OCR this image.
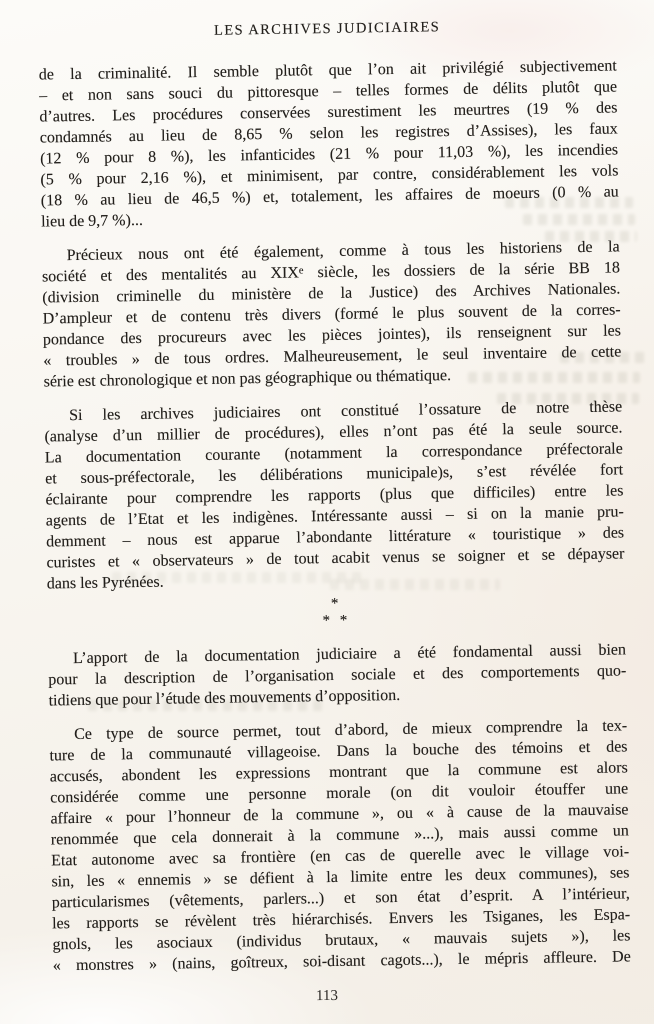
LES ARCHIVES JUDICIAIRES
de la criminalité. Il semble plutôt que l’on ait privilégié subjectivement
– et non sans souci du pittoresque – telles formes de délits plutôt que
d’autres. Les procédures conservées surestiment les meurtres (19 % des
condamnés au lieu de 8,65 % selon les registres d’Assises), les faux
(12 % pour 8 %), les infanticides (21 % pour 11,03 %), les incendies
(5 % pour 2,16 %), et minimisent, par contre, considérablement les vols
(18 % au lieu de 46,5 %) et, totalement, les affaires de moeurs (0 % au
lieu de 9,7 %)...
Précieux nous ont été également, comme à tous les historiens de la
société et des mentalités au XIXe siècle, les dossiers de la série BB 18
(division criminelle du ministère de la Justice) des Archives Nationales.
D’ampleur et de contenu très divers (formé le plus souvent de la corres-
pondance des procureurs avec les pièces jointes), ils renseignent sur les
« troubles » de tous ordres. Malheureusement, le seul inventaire de cette
série est chronologique et non pas géographique ou thématique.
Si les archives judiciaires ont constitué l’ossature de notre thèse
(analyse d’un millier de procédures), elles n’ont pas été la seule source.
La documentation courante (notamment la correspondance préfectorale
et sous-préfectorale, les délibérations municipale)s, s’est révélée fort
éclairante pour comprendre les rapports (plus que difficiles) entre les
agents de l’Etat et les indigènes. Intéressante aussi – si on la manie pru-
demment – nous est apparue l’abondante littérature « touristique » des
curistes et « observateurs » de tout acabit venus se soigner et se dépayser
dans les Pyrénées.
*
* *
L’apport de la documentation judiciaire a été fondamental aussi bien
pour la description de l’organisation sociale et des comportements quo-
tidiens que pour l’étude des mouvements d’opposition.
Ce type de source permet, tout d’abord, de mieux comprendre la tex-
ture de la communauté villageoise. Dans la bouche des témoins et des
accusés, abondent les expressions montrant que la commune est alors
considérée comme une personne morale (on dit vouloir étouffer une
affaire « pour l’honneur de la commune », ou « à cause de la mauvaise
renommée que cela donnerait à la commune »...), mais aussi comme un
Etat autonome avec sa frontière (en cas de querelle avec le village voi-
sin, les « ennemis » se défient à la limite entre les deux communes), ses
particularismes (vêtements, parlers...) et son état d’esprit. A l’intérieur,
les rapports se révèlent très hiérarchisés. Envers les Tsiganes, les Espa-
gnols, les asociaux (individus brutaux, « mauvais sujets »), les
« monstres » (nains, goîtreux, soi-disant cagots...), le mépris affleure. De
113
